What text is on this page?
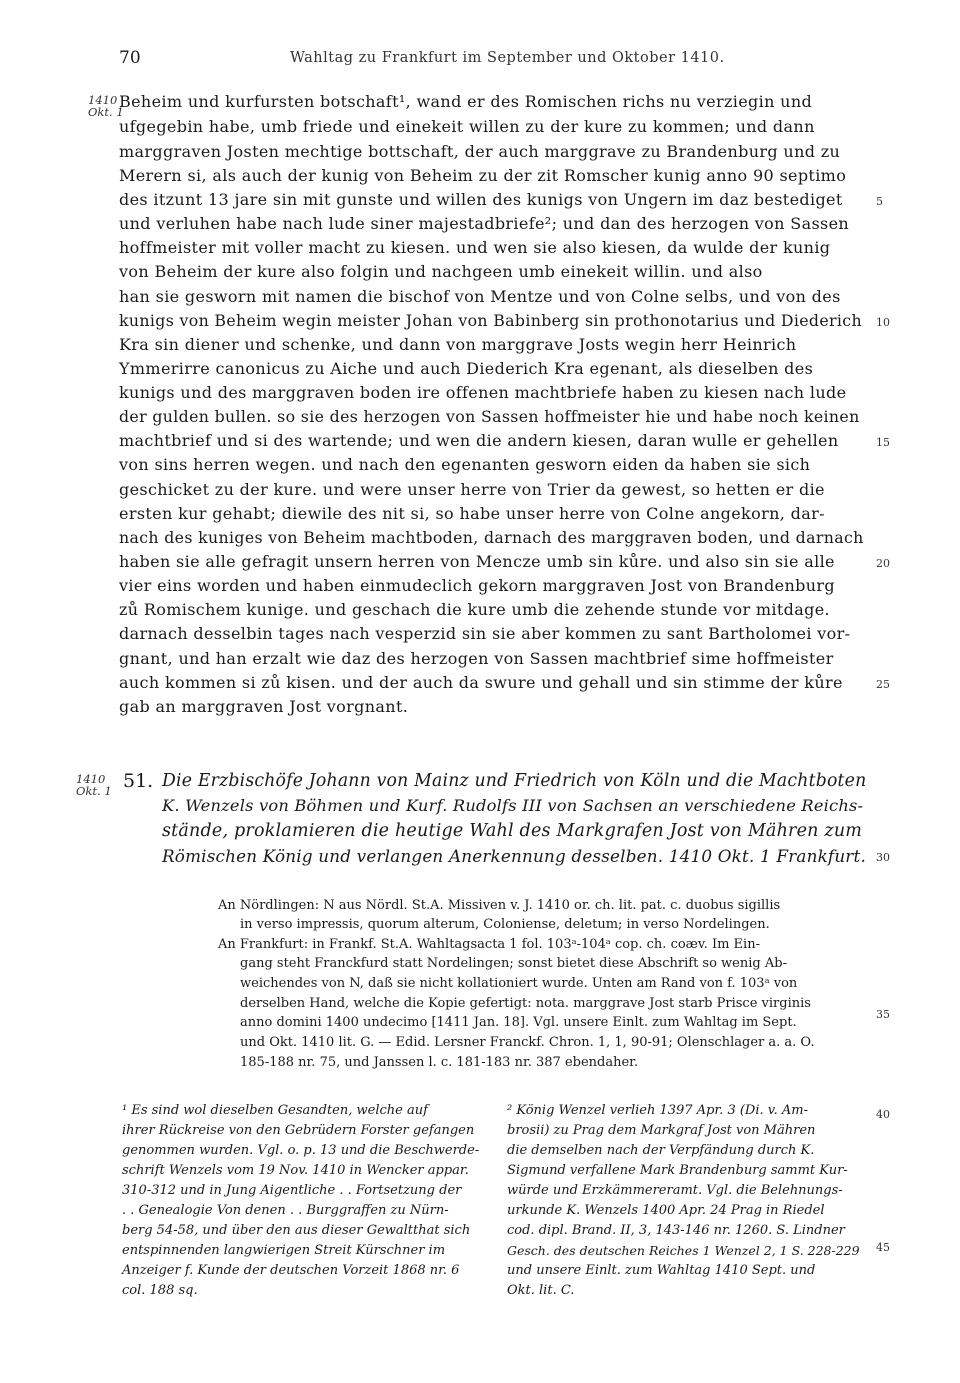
70	Wahltag zu Frankfurt im September und Oktober 1410.
1410
Okt. 1
1410
Okt. 1
Beheim und kurfursten botschaft¹, wand er des Romischen richs nu verziegin und
ufgegebin habe, umb friede und einekeit willen zu der kure zu kommen; und dann
marggraven Josten mechtige bottschaft, der auch marggrave zu Brandenburg und zu
Merern si, als auch der kunig von Beheim zu der zit Romscher kunig anno 90 septimo
des itzunt 13 jare sin mit gunste und willen des kunigs von Ungern im daz bestediget
und verluhen habe nach lude siner majestadbriefe²; und dan des herzogen von Sassen
hoffmeister mit voller macht zu kiesen. und wen sie also kiesen, da wulde der kunig
von Beheim der kure also folgin und nachgeen umb einekeit willin. und also
han sie gesworn mit namen die bischof von Mentze und von Colne selbs, und von des
kunigs von Beheim wegin meister Johan von Babinberg sin prothonotarius und Diederich
Kra sin diener und schenke, und dann von marggrave Josts wegin herr Heinrich
Ymmerirre canonicus zu Aiche und auch Diederich Kra egenant, als dieselben des
kunigs und des marggraven boden ire offenen machtbriefe haben zu kiesen nach lude
der gulden bullen. so sie des herzogen von Sassen hoffmeister hie und habe noch keinen
machtbrief und si des wartende; und wen die andern kiesen, daran wulle er gehellen
von sins herren wegen. und nach den egenanten gesworn eiden da haben sie sich
geschicket zu der kure. und were unser herre von Trier da gewest, so hetten er die
ersten kur gehabt; diewile des nit si, so habe unser herre von Colne angekorn, dar-
nach des kuniges von Beheim machtboden, darnach des marggraven boden, und darnach
haben sie alle gefragit unsern herren von Mencze umb sin kůre. und also sin sie alle
vier eins worden und haben einmudeclich gekorn marggraven Jost von Brandenburg
zů Romischem kunige. und geschach die kure umb die zehende stunde vor mitdage.
darnach desselbin tages nach vesperzid sin sie aber kommen zu sant Bartholomei vor-
gnant, und han erzalt wie daz des herzogen von Sassen machtbrief sime hoffmeister
auch kommen si zů kisen. und der auch da swure und gehall und sin stimme der kůre
gab an marggraven Jost vorgnant.
5
10
15
20
25
30
35
40
45
51. Die Erzbischöfe Johann von Mainz und Friedrich von Köln und die Machtboten
K. Wenzels von Böhmen und Kurf. Rudolfs III von Sachsen an verschiedene Reichs-
stände, proklamieren die heutige Wahl des Markgrafen Jost von Mähren zum
Römischen König und verlangen Anerkennung desselben. 1410 Okt. 1 Frankfurt.
An Nördlingen: N aus Nördl. St.A. Missiven v. J. 1410 or. ch. lit. pat. c. duobus sigillis
in verso impressis, quorum alterum, Coloniense, deletum; in verso Nordelingen.
An Frankfurt: in Frankf. St.A. Wahltagsacta 1 fol. 103ᵃ-104ᵃ cop. ch. coæv. Im Ein-
gang steht Franckfurd statt Nordelingen; sonst bietet diese Abschrift so wenig Ab-
weichendes von N, daß sie nicht kollationiert wurde. Unten am Rand von f. 103ᵃ von
derselben Hand, welche die Kopie gefertigt: nota. marggrave Jost starb Prisce virginis
anno domini 1400 undecimo [1411 Jan. 18]. Vgl. unsere Einlt. zum Wahltag im Sept.
und Okt. 1410 lit. G. — Edid. Lersner Franckf. Chron. 1, 1, 90-91; Olenschlager a. a. O.
185-188 nr. 75, und Janssen l. c. 181-183 nr. 387 ebendaher.
¹ Es sind wol dieselben Gesandten, welche auf
ihrer Rückreise von den Gebrüdern Forster gefangen
genommen wurden. Vgl. o. p. 13 und die Beschwerde-
schrift Wenzels vom 19 Nov. 1410 in Wencker appar.
310-312 und in Jung Aigentliche . . Fortsetzung der
. . Genealogie Von denen . . Burggraffen zu Nürn-
berg 54-58, und über den aus dieser Gewaltthat sich
entspinnenden langwierigen Streit Kürschner im
Anzeiger f. Kunde der deutschen Vorzeit 1868 nr. 6
col. 188 sq.
² König Wenzel verlieh 1397 Apr. 3 (Di. v. Am-
brosii) zu Prag dem Markgraf Jost von Mähren
die demselben nach der Verpfändung durch K.
Sigmund verfallene Mark Brandenburg sammt Kur-
würde und Erzkämmereramt. Vgl. die Belehnungs-
urkunde K. Wenzels 1400 Apr. 24 Prag in Riedel
cod. dipl. Brand. II, 3, 143-146 nr. 1260. S. Lindner
Gesch. des deutschen Reiches 1 Wenzel 2, 1 S. 228-229
und unsere Einlt. zum Wahltag 1410 Sept. und
Okt. lit. C.
